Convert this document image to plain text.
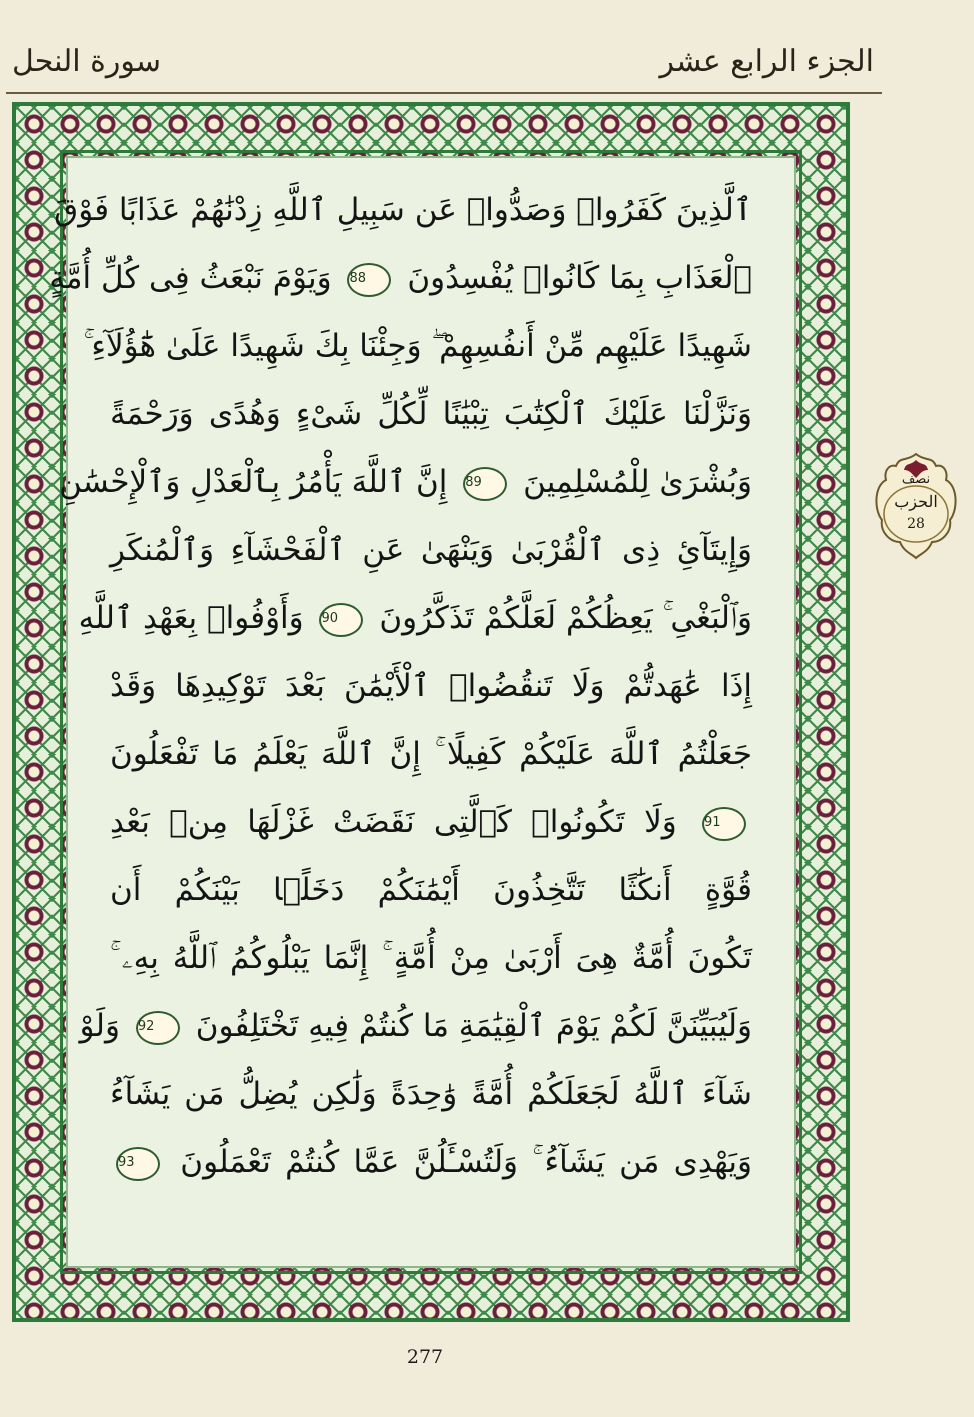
الجزء الرابع عشر
سورة النحل
ٱلَّذِينَ كَفَرُوا۟ وَصَدُّوا۟ عَن سَبِيلِ ٱللَّهِ زِدْنَٰهُمْ عَذَابًا فَوْقَ
ٱلْعَذَابِ بِمَا كَانُوا۟ يُفْسِدُونَ 88 وَيَوْمَ نَبْعَثُ فِى كُلِّ أُمَّةٍ
شَهِيدًا عَلَيْهِم مِّنْ أَنفُسِهِمْ ۖ وَجِئْنَا بِكَ شَهِيدًا عَلَىٰ هَٰٓؤُلَآءِ ۚ
وَنَزَّلْنَا عَلَيْكَ ٱلْكِتَٰبَ تِبْيَٰنًا لِّكُلِّ شَىْءٍ وَهُدًى وَرَحْمَةً
وَبُشْرَىٰ لِلْمُسْلِمِينَ 89 إِنَّ ٱللَّهَ يَأْمُرُ بِٱلْعَدْلِ وَٱلْإِحْسَٰنِ
وَإِيتَآئِ ذِى ٱلْقُرْبَىٰ وَيَنْهَىٰ عَنِ ٱلْفَحْشَآءِ وَٱلْمُنكَرِ
وَٱلْبَغْىِ ۚ يَعِظُكُمْ لَعَلَّكُمْ تَذَكَّرُونَ 90 وَأَوْفُوا۟ بِعَهْدِ ٱللَّهِ
إِذَا عَٰهَدتُّمْ وَلَا تَنقُضُوا۟ ٱلْأَيْمَٰنَ بَعْدَ تَوْكِيدِهَا وَقَدْ
جَعَلْتُمُ ٱللَّهَ عَلَيْكُمْ كَفِيلًا ۚ إِنَّ ٱللَّهَ يَعْلَمُ مَا تَفْعَلُونَ
91 وَلَا تَكُونُوا۟ كَٱلَّتِى نَقَضَتْ غَزْلَهَا مِنۢ بَعْدِ
قُوَّةٍ أَنكَٰثًا تَتَّخِذُونَ أَيْمَٰنَكُمْ دَخَلًۢا بَيْنَكُمْ أَن
تَكُونَ أُمَّةٌ هِىَ أَرْبَىٰ مِنْ أُمَّةٍ ۚ إِنَّمَا يَبْلُوكُمُ ٱللَّهُ بِهِۦ ۚ
وَلَيُبَيِّنَنَّ لَكُمْ يَوْمَ ٱلْقِيَٰمَةِ مَا كُنتُمْ فِيهِ تَخْتَلِفُونَ 92 وَلَوْ
شَآءَ ٱللَّهُ لَجَعَلَكُمْ أُمَّةً وَٰحِدَةً وَلَٰكِن يُضِلُّ مَن يَشَآءُ
وَيَهْدِى مَن يَشَآءُ ۚ وَلَتُسْـَٔلُنَّ عَمَّا كُنتُمْ تَعْمَلُونَ 93
نصف
الحزب
28
277
